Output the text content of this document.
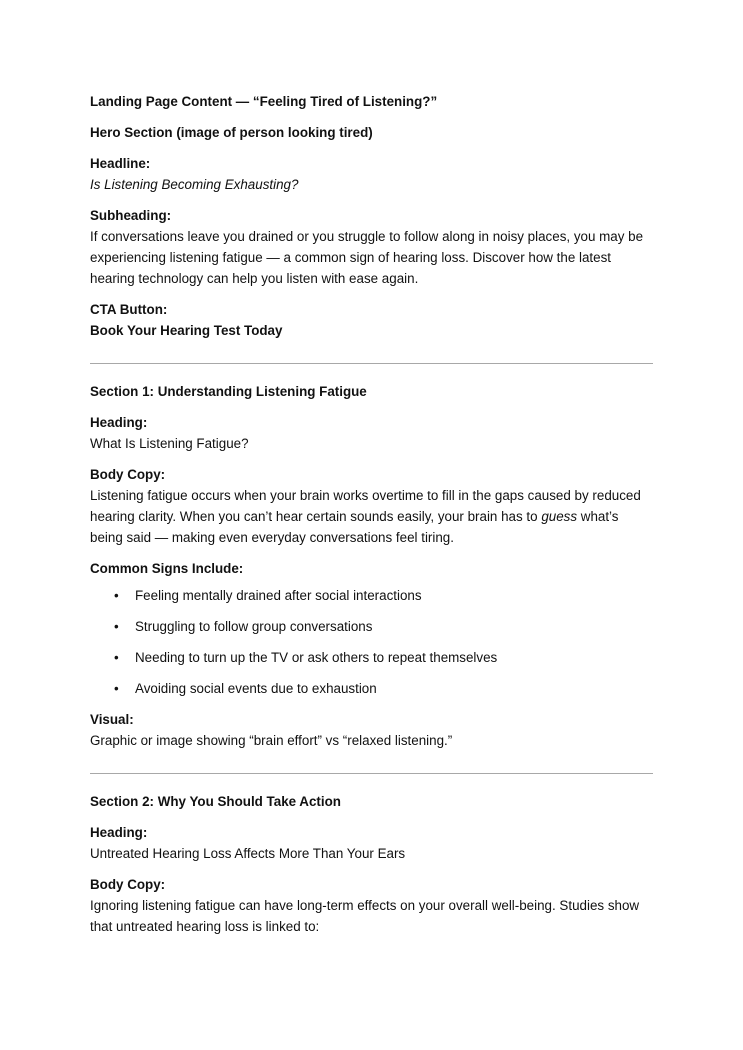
Landing Page Content — “Feeling Tired of Listening?”

Hero Section (image of person looking tired)

Headline:

Is Listening Becoming Exhausting?

Subheading:

If conversations leave you drained or you struggle to follow along in noisy places, you may be experiencing listening fatigue — a common sign of hearing loss. Discover how the latest hearing technology can help you listen with ease again.

CTA Button:

Book Your Hearing Test Today

Section 1: Understanding Listening Fatigue

Heading:

What Is Listening Fatigue?

Body Copy:

Listening fatigue occurs when your brain works overtime to fill in the gaps caused by reduced hearing clarity. When you can’t hear certain sounds easily, your brain has to guess what’s being said — making even everyday conversations feel tiring.

Common Signs Include:

• Feeling mentally drained after social interactions
• Struggling to follow group conversations
• Needing to turn up the TV or ask others to repeat themselves
• Avoiding social events due to exhaustion

Visual:

Graphic or image showing “brain effort” vs “relaxed listening.”

Section 2: Why You Should Take Action

Heading:

Untreated Hearing Loss Affects More Than Your Ears

Body Copy:

Ignoring listening fatigue can have long-term effects on your overall well-being. Studies show that untreated hearing loss is linked to:
